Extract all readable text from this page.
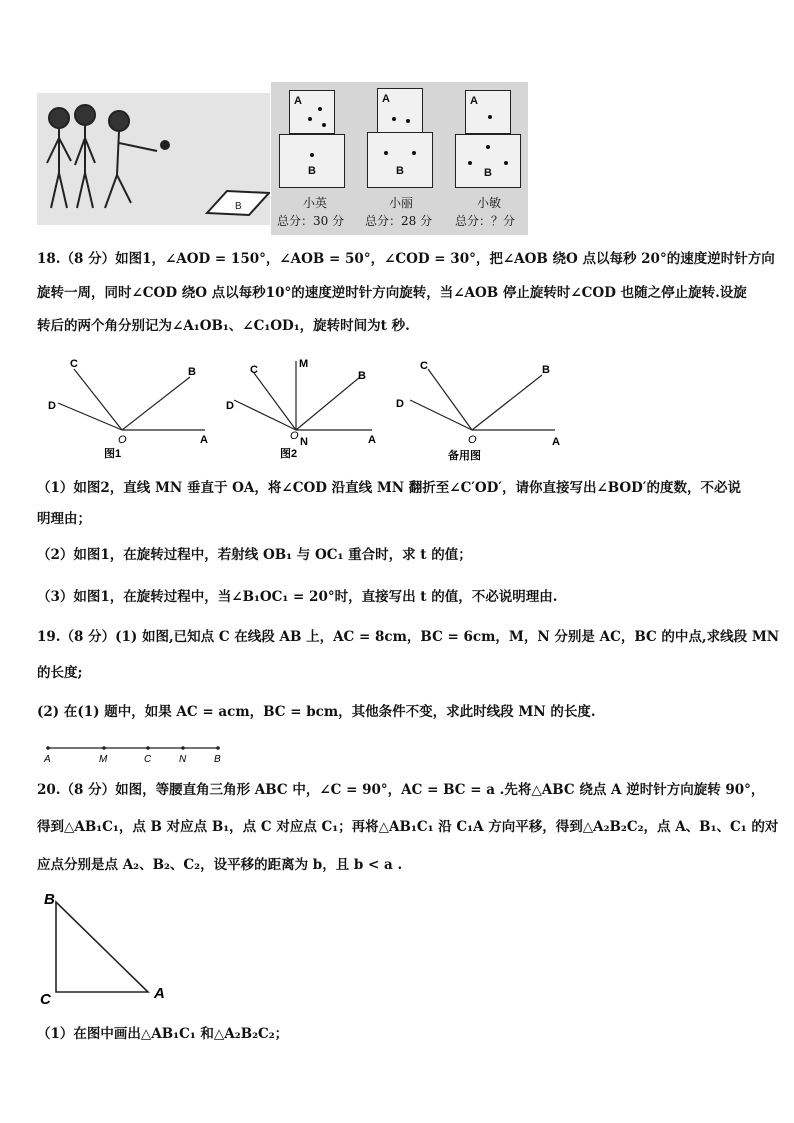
B
A
B
小英
总分：30 分
A
B
小丽
总分：28 分
A
B
小敏
总分：？分
18.（8 分）如图1，∠AOD = 150°，∠AOB = 50°，∠COD = 30°，把∠AOB 绕O 点以每秒 20°的速度逆时针方向
旋转一周，同时∠COD 绕O 点以每秒10°的速度逆时针方向旋转，当∠AOB 停止旋转时∠COD 也随之停止旋转.设旋
转后的两个角分别记为∠A₁OB₁、∠C₁OD₁，旋转时间为t 秒.
C
B
D
O	A
图1
C	M
B
D
O N	A
图2
C	B
D
O	A
备用图
（1）如图2，直线 MN 垂直于 OA，将∠COD 沿直线 MN 翻折至∠C′OD′，请你直接写出∠BOD′的度数，不必说
明理由；
（2）如图1，在旋转过程中，若射线 OB₁ 与 OC₁ 重合时，求 t 的值；
（3）如图1，在旋转过程中，当∠B₁OC₁ = 20°时，直接写出 t 的值，不必说明理由.
19.（8 分）(1) 如图,已知点 C 在线段 AB 上，AC = 8cm，BC = 6cm，M，N 分别是 AC，BC 的中点,求线段 MN
的长度;
(2) 在(1) 题中，如果 AC = acm，BC = bcm，其他条件不变，求此时线段 MN 的长度.
A	M	C	N	B
20.（8 分）如图，等腰直角三角形 ABC 中，∠C = 90°，AC = BC = a .先将△ABC 绕点 A 逆时针方向旋转 90°，
得到△AB₁C₁，点 B 对应点 B₁，点 C 对应点 C₁；再将△AB₁C₁ 沿 C₁A 方向平移，得到△A₂B₂C₂，点 A、B₁、C₁ 的对
应点分别是点 A₂、B₂、C₂，设平移的距离为 b，且 b < a .
B
C	A
（1）在图中画出△AB₁C₁ 和△A₂B₂C₂；
